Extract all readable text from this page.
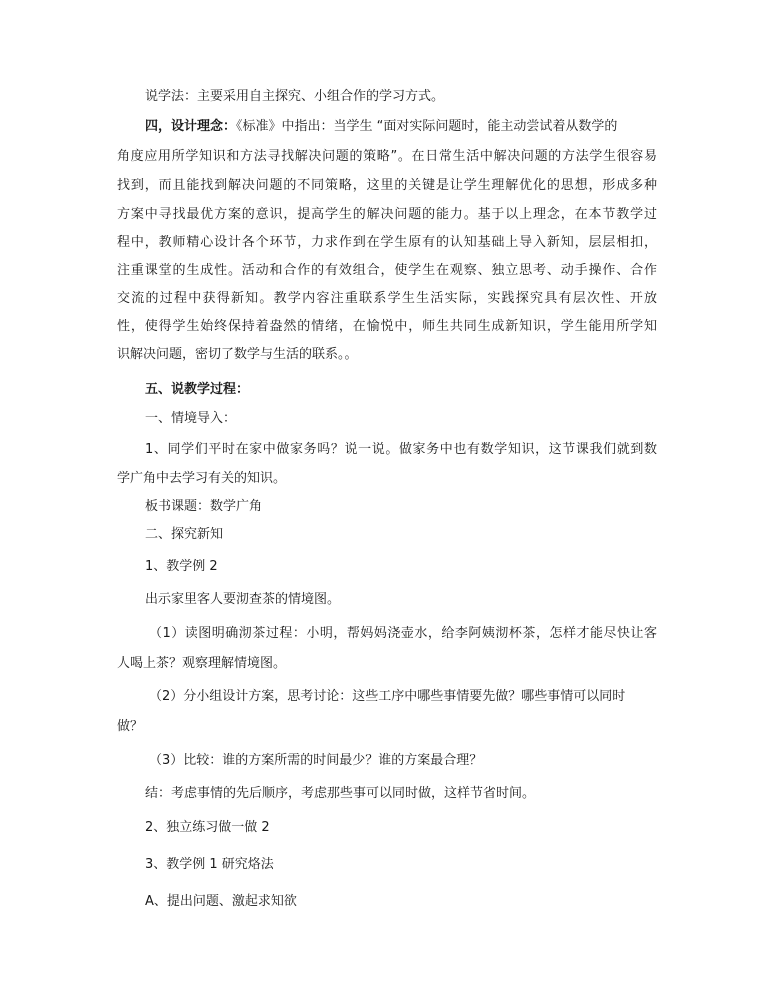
说学法：主要采用自主探究、小组合作的学习方式。
四，设计理念：《标准》中指出：当学生 “面对实际问题时，能主动尝试着从数学的
角度应用所学知识和方法寻找解决问题的策略”。在日常生活中解决问题的方法学生很容易
找到，而且能找到解决问题的不同策略，这里的关键是让学生理解优化的思想，形成多种
方案中寻找最优方案的意识，提高学生的解决问题的能力。基于以上理念，在本节教学过
程中，教师精心设计各个环节，力求作到在学生原有的认知基础上导入新知，层层相扣，
注重课堂的生成性。活动和合作的有效组合，使学生在观察、独立思考、动手操作、合作
交流的过程中获得新知。教学内容注重联系学生生活实际，实践探究具有层次性、开放
性，使得学生始终保持着盎然的情绪，在愉悦中，师生共同生成新知识，学生能用所学知
识解决问题，密切了数学与生活的联系。。
五、说教学过程：
一、情境导入：
1、同学们平时在家中做家务吗？说一说。做家务中也有数学知识，这节课我们就到数
学广角中去学习有关的知识。
板书课题：数学广角
二、探究新知
1、教学例 2
出示家里客人要沏查茶的情境图。
（1）读图明确沏茶过程：小明，帮妈妈浇壶水，给李阿姨沏杯茶，怎样才能尽快让客
人喝上茶？观察理解情境图。
（2）分小组设计方案，思考讨论：这些工序中哪些事情要先做？哪些事情可以同时
做？
（3）比较：谁的方案所需的时间最少？谁的方案最合理？
结：考虑事情的先后顺序，考虑那些事可以同时做，这样节省时间。
2、独立练习做一做 2
3、教学例 1 研究烙法
A、提出问题、激起求知欲
